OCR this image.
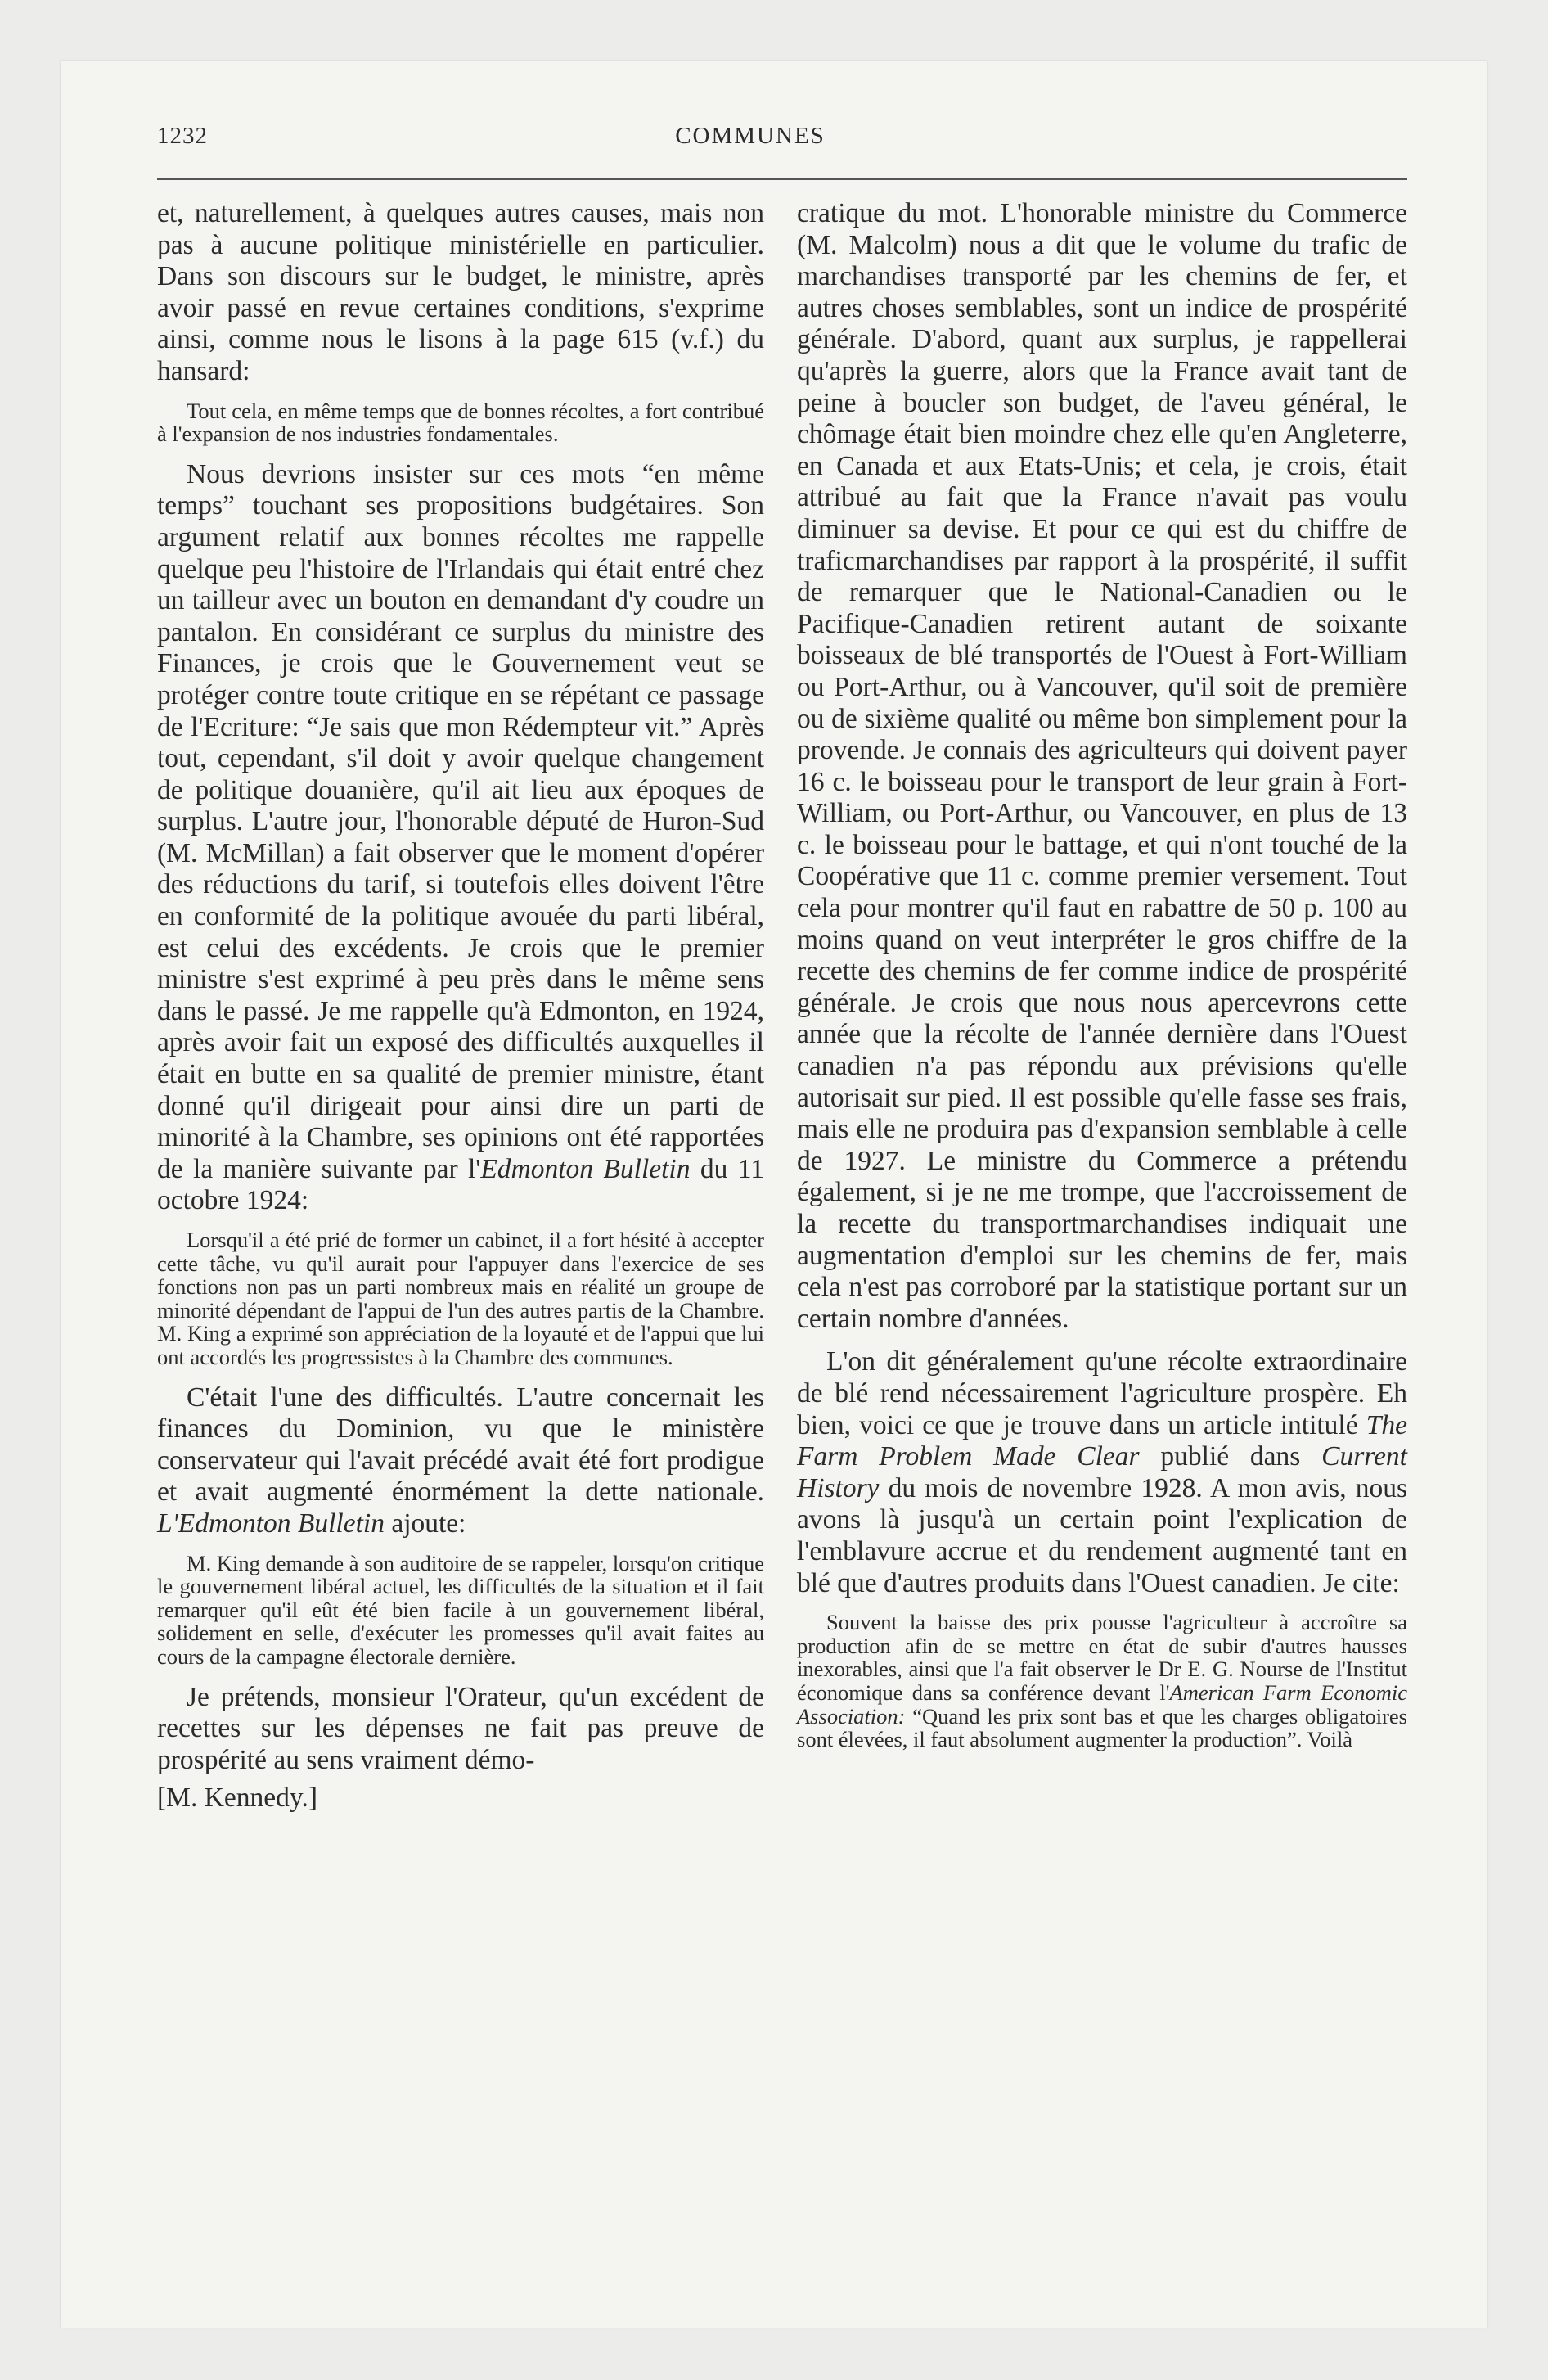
1232	COMMUNES

et, naturellement, à quelques autres causes, mais non pas à aucune politique ministérielle en particulier. Dans son discours sur le budget, le ministre, après avoir passé en revue certaines conditions, s'exprime ainsi, comme nous le lisons à la page 615 (v.f.) du hansard:

Tout cela, en même temps que de bonnes récoltes, a fort contribué à l'expansion de nos industries fondamentales.

Nous devrions insister sur ces mots “en même temps” touchant ses propositions budgétaires. Son argument relatif aux bonnes récoltes me rappelle quelque peu l'histoire de l'Irlandais qui était entré chez un tailleur avec un bouton en demandant d'y coudre un pantalon. En considérant ce surplus du ministre des Finances, je crois que le Gouvernement veut se protéger contre toute critique en se répétant ce passage de l'Ecriture: “Je sais que mon Rédempteur vit.” Après tout, cependant, s'il doit y avoir quelque changement de politique douanière, qu'il ait lieu aux époques de surplus. L'autre jour, l'honorable député de Huron-Sud (M. McMillan) a fait observer que le moment d'opérer des réductions du tarif, si toutefois elles doivent l'être en conformité de la politique avouée du parti libéral, est celui des excédents. Je crois que le premier ministre s'est exprimé à peu près dans le même sens dans le passé. Je me rappelle qu'à Edmonton, en 1924, après avoir fait un exposé des difficultés auxquelles il était en butte en sa qualité de premier ministre, étant donné qu'il dirigeait pour ainsi dire un parti de minorité à la Chambre, ses opinions ont été rapportées de la manière suivante par l'Edmonton Bulletin du 11 octobre 1924:

Lorsqu'il a été prié de former un cabinet, il a fort hésité à accepter cette tâche, vu qu'il aurait pour l'appuyer dans l'exercice de ses fonctions non pas un parti nombreux mais en réalité un groupe de minorité dépendant de l'appui de l'un des autres partis de la Chambre. M. King a exprimé son appréciation de la loyauté et de l'appui que lui ont accordés les progressistes à la Chambre des communes.

C'était l'une des difficultés. L'autre concernait les finances du Dominion, vu que le ministère conservateur qui l'avait précédé avait été fort prodigue et avait augmenté énormément la dette nationale. L'Edmonton Bulletin ajoute:

M. King demande à son auditoire de se rappeler, lorsqu'on critique le gouvernement libéral actuel, les difficultés de la situation et il fait remarquer qu'il eût été bien facile à un gouvernement libéral, solidement en selle, d'exécuter les promesses qu'il avait faites au cours de la campagne électorale dernière.

Je prétends, monsieur l'Orateur, qu'un excédent de recettes sur les dépenses ne fait pas preuve de prospérité au sens vraiment démo-

[M. Kennedy.]

cratique du mot. L'honorable ministre du Commerce (M. Malcolm) nous a dit que le volume du trafic de marchandises transporté par les chemins de fer, et autres choses semblables, sont un indice de prospérité générale. D'abord, quant aux surplus, je rappellerai qu'après la guerre, alors que la France avait tant de peine à boucler son budget, de l'aveu général, le chômage était bien moindre chez elle qu'en Angleterre, en Canada et aux Etats-Unis; et cela, je crois, était attribué au fait que la France n'avait pas voulu diminuer sa devise. Et pour ce qui est du chiffre de traficmarchandises par rapport à la prospérité, il suffit de remarquer que le National-Canadien ou le Pacifique-Canadien retirent autant de soixante boisseaux de blé transportés de l'Ouest à Fort-William ou Port-Arthur, ou à Vancouver, qu'il soit de première ou de sixième qualité ou même bon simplement pour la provende. Je connais des agriculteurs qui doivent payer 16 c. le boisseau pour le transport de leur grain à Fort-William, ou Port-Arthur, ou Vancouver, en plus de 13 c. le boisseau pour le battage, et qui n'ont touché de la Coopérative que 11 c. comme premier versement. Tout cela pour montrer qu'il faut en rabattre de 50 p. 100 au moins quand on veut interpréter le gros chiffre de la recette des chemins de fer comme indice de prospérité générale. Je crois que nous nous apercevrons cette année que la récolte de l'année dernière dans l'Ouest canadien n'a pas répondu aux prévisions qu'elle autorisait sur pied. Il est possible qu'elle fasse ses frais, mais elle ne produira pas d'expansion semblable à celle de 1927. Le ministre du Commerce a prétendu également, si je ne me trompe, que l'accroissement de la recette du transportmarchandises indiquait une augmentation d'emploi sur les chemins de fer, mais cela n'est pas corroboré par la statistique portant sur un certain nombre d'années.

L'on dit généralement qu'une récolte extraordinaire de blé rend nécessairement l'agriculture prospère. Eh bien, voici ce que je trouve dans un article intitulé The Farm Problem Made Clear publié dans Current History du mois de novembre 1928. A mon avis, nous avons là jusqu'à un certain point l'explication de l'emblavure accrue et du rendement augmenté tant en blé que d'autres produits dans l'Ouest canadien. Je cite:

Souvent la baisse des prix pousse l'agriculteur à accroître sa production afin de se mettre en état de subir d'autres hausses inexorables, ainsi que l'a fait observer le Dr E. G. Nourse de l'Institut économique dans sa conférence devant l'American Farm Economic Association: “Quand les prix sont bas et que les charges obligatoires sont élevées, il faut absolument augmenter la production”. Voilà
